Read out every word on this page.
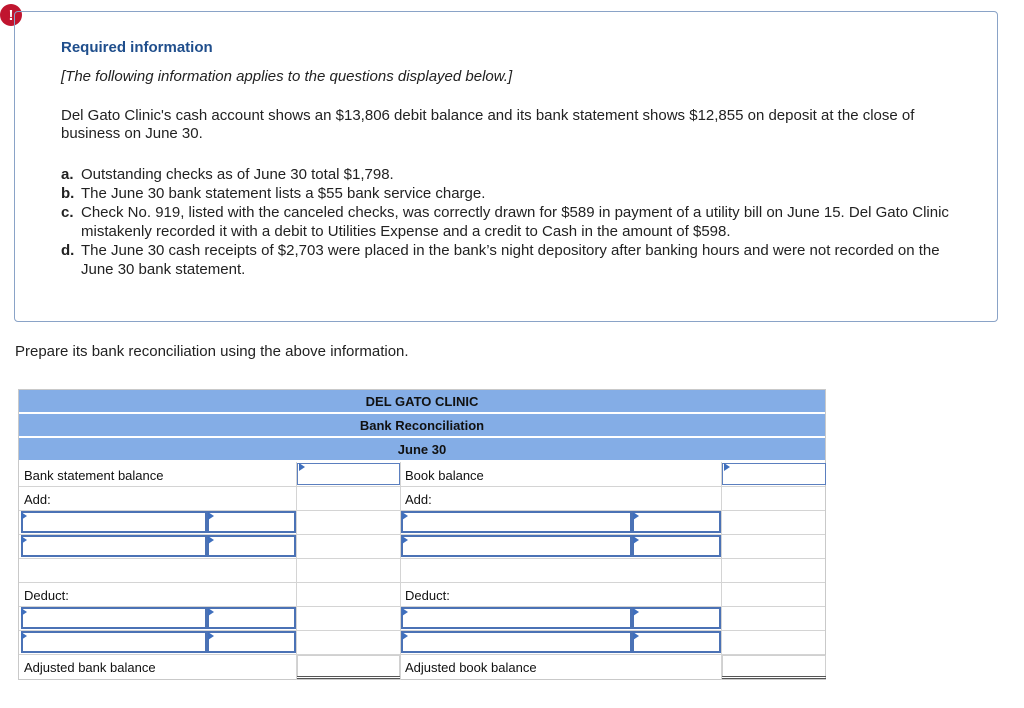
!
Required information
[The following information applies to the questions displayed below.]
Del Gato Clinic's cash account shows an $13,806 debit balance and its bank statement shows $12,855 on deposit at the close of business on June 30.
a. Outstanding checks as of June 30 total $1,798.
b. The June 30 bank statement lists a $55 bank service charge.
c. Check No. 919, listed with the canceled checks, was correctly drawn for $589 in payment of a utility bill on June 15. Del Gato Clinic mistakenly recorded it with a debit to Utilities Expense and a credit to Cash in the amount of $598.
d. The June 30 cash receipts of $2,703 were placed in the bank’s night depository after banking hours and were not recorded on the June 30 bank statement.
Prepare its bank reconciliation using the above information.
DEL GATO CLINIC
Bank Reconciliation
June 30
Bank statement balance	Book balance
Add:	Add:
Deduct:	Deduct:
Adjusted bank balance	Adjusted book balance
